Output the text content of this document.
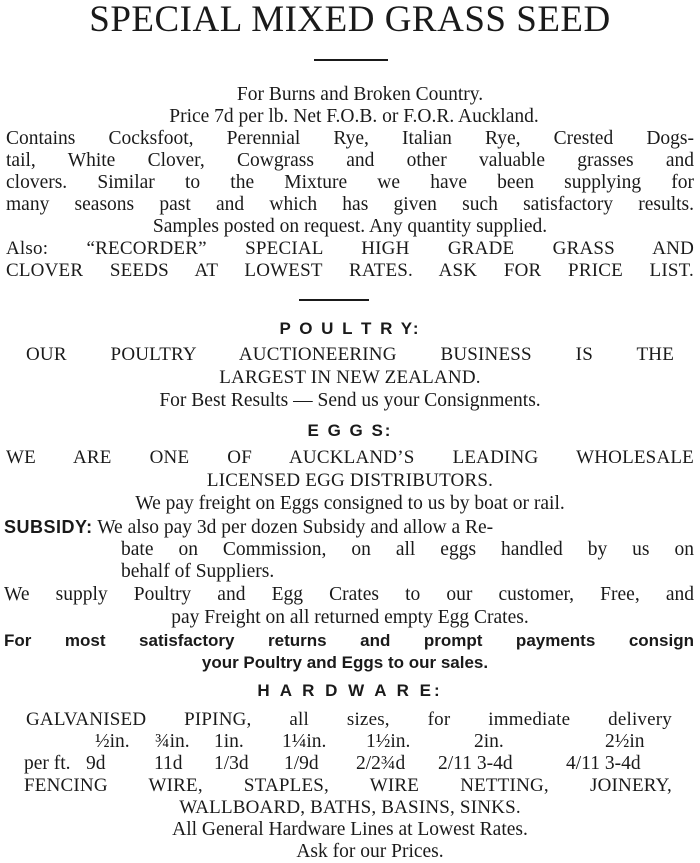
SPECIAL MIXED GRASS SEED
For Burns and Broken Country.
Price 7d per lb. Net F.O.B. or F.O.R. Auckland.
Contains Cocksfoot, Perennial Rye, Italian Rye, Crested Dogs-
tail, White Clover, Cowgrass and other valuable grasses and
clovers. Similar to the Mixture we have been supplying for
many seasons past and which has given such satisfactory results.
Samples posted on request. Any quantity supplied.
Also: “RECORDER” SPECIAL HIGH GRADE GRASS AND
CLOVER SEEDS AT LOWEST RATES. ASK FOR PRICE LIST.
P O U L T R Y:
OUR POULTRY AUCTIONEERING BUSINESS IS THE
LARGEST IN NEW ZEALAND.
For Best Results — Send us your Consignments.
E G G S:
WE ARE ONE OF AUCKLAND’S LEADING WHOLESALE
LICENSED EGG DISTRIBUTORS.
We pay freight on Eggs consigned to us by boat or rail.
SUBSIDY: We also pay 3d per dozen Subsidy and allow a Re-
bate on Commission, on all eggs handled by us on
behalf of Suppliers.
We supply Poultry and Egg Crates to our customer, Free, and
pay Freight on all returned empty Egg Crates.
For most satisfactory returns and prompt payments consign
your Poultry and Eggs to our sales.
H A R D W A R E:
GALVANISED PIPING, all sizes, for immediate delivery
½in. ¾in. 1in. 1¼in. 1½in.	2in.	2½in
per ft. 9d 11d 1/3d 1/9d 2/2¾d 2/11 3-4d	4/11 3-4d
FENCING WIRE, STAPLES, WIRE NETTING, JOINERY,
WALLBOARD, BATHS, BASINS, SINKS.
All General Hardware Lines at Lowest Rates.
Ask for our Prices.
